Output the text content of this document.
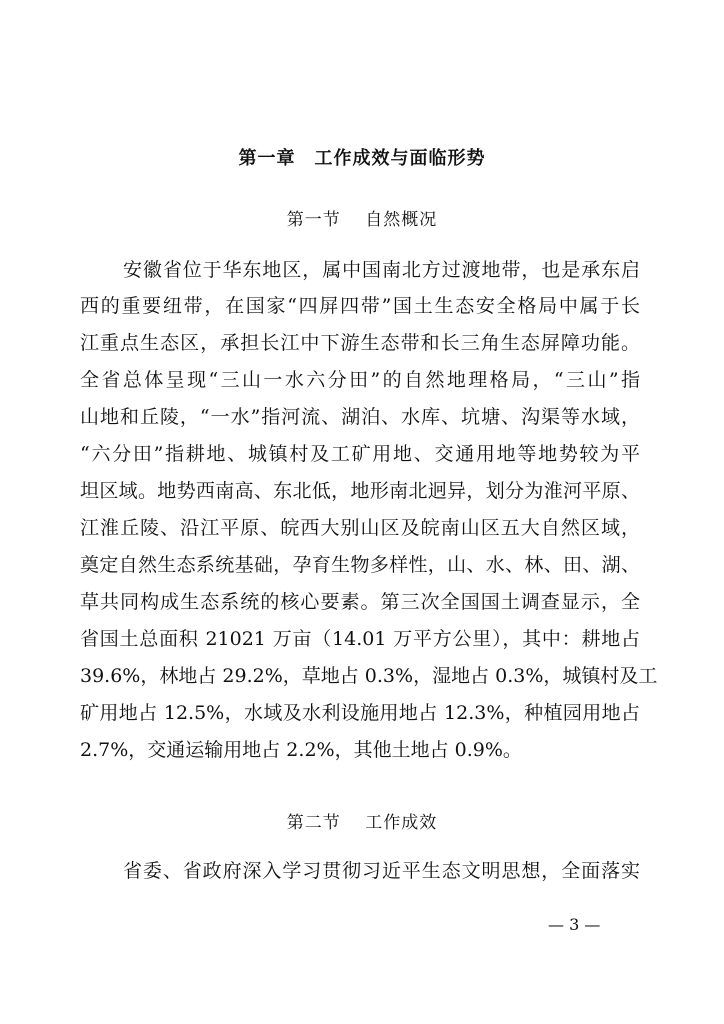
第一章　工作成效与面临形势
第一节　 自然概况
安徽省位于华东地区，属中国南北方过渡地带，也是承东启
西的重要纽带，在国家“四屏四带”国土生态安全格局中属于长
江重点生态区，承担长江中下游生态带和长三角生态屏障功能。
全省总体呈现“三山一水六分田”的自然地理格局，“三山”指
山地和丘陵，“一水”指河流、湖泊、水库、坑塘、沟渠等水域，
“六分田”指耕地、城镇村及工矿用地、交通用地等地势较为平
坦区域。地势西南高、东北低，地形南北迥异，划分为淮河平原、
江淮丘陵、沿江平原、皖西大别山区及皖南山区五大自然区域，
奠定自然生态系统基础，孕育生物多样性，山、水、林、田、湖、
草共同构成生态系统的核心要素。第三次全国国土调查显示，全
省国土总面积 21021 万亩（14.01 万平方公里），其中：耕地占
39.6%，林地占 29.2%，草地占 0.3%，湿地占 0.3%，城镇村及工
矿用地占 12.5%，水域及水利设施用地占 12.3%，种植园用地占
2.7%，交通运输用地占 2.2%，其他土地占 0.9%。
第二节　 工作成效
省委、省政府深入学习贯彻习近平生态文明思想，全面落实
— 3 —
